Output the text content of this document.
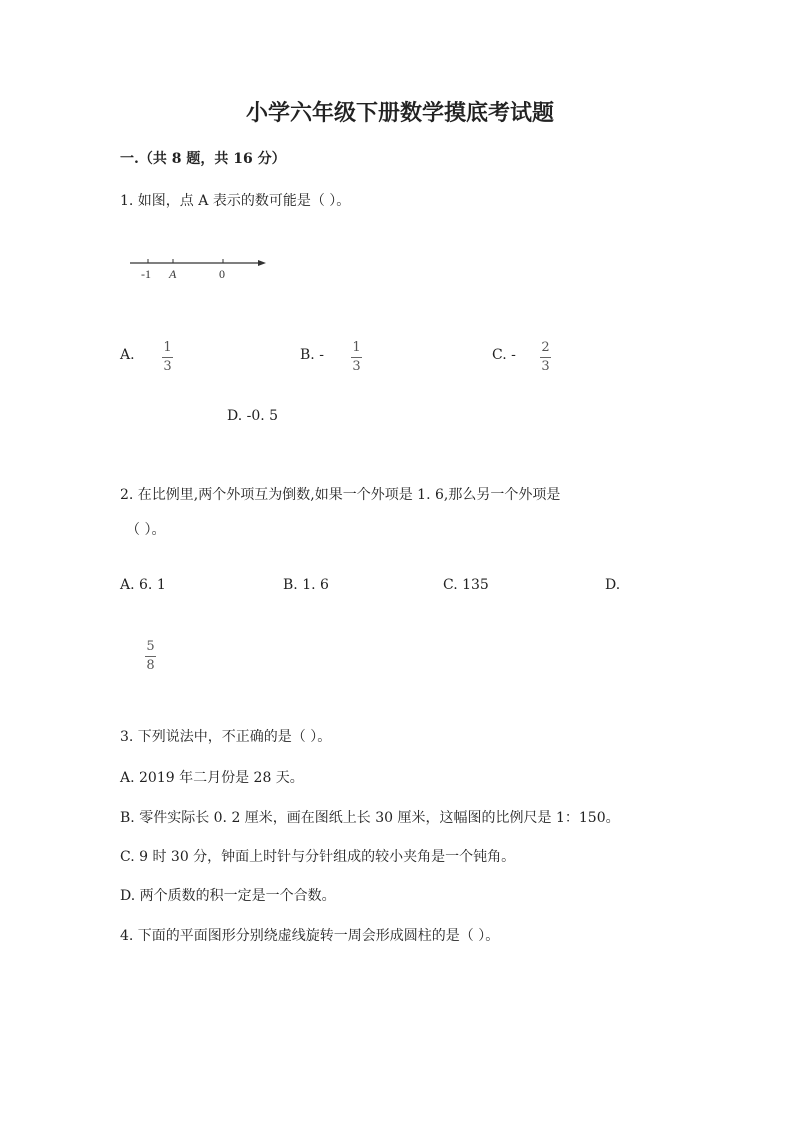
小学六年级下册数学摸底考试题
一.（共 8 题，共 16 分）
1. 如图，点 A 表示的数可能是（ ）。
-1 A	0
A. 1
3
B. - 1
3
C. - 2
3
D. -0. 5
2. 在比例里,两个外项互为倒数,如果一个外项是 1. 6,那么另一个外项是
（ ）。
A. 6. 1	B. 1. 6	C. 135	D.
5
8
3. 下列说法中，不正确的是（ ）。
A. 2019 年二月份是 28 天。
B. 零件实际长 0. 2 厘米，画在图纸上长 30 厘米，这幅图的比例尺是 1：150。
C. 9 时 30 分，钟面上时针与分针组成的较小夹角是一个钝角。
D. 两个质数的积一定是一个合数。
4. 下面的平面图形分别绕虚线旋转一周会形成圆柱的是（ ）。
